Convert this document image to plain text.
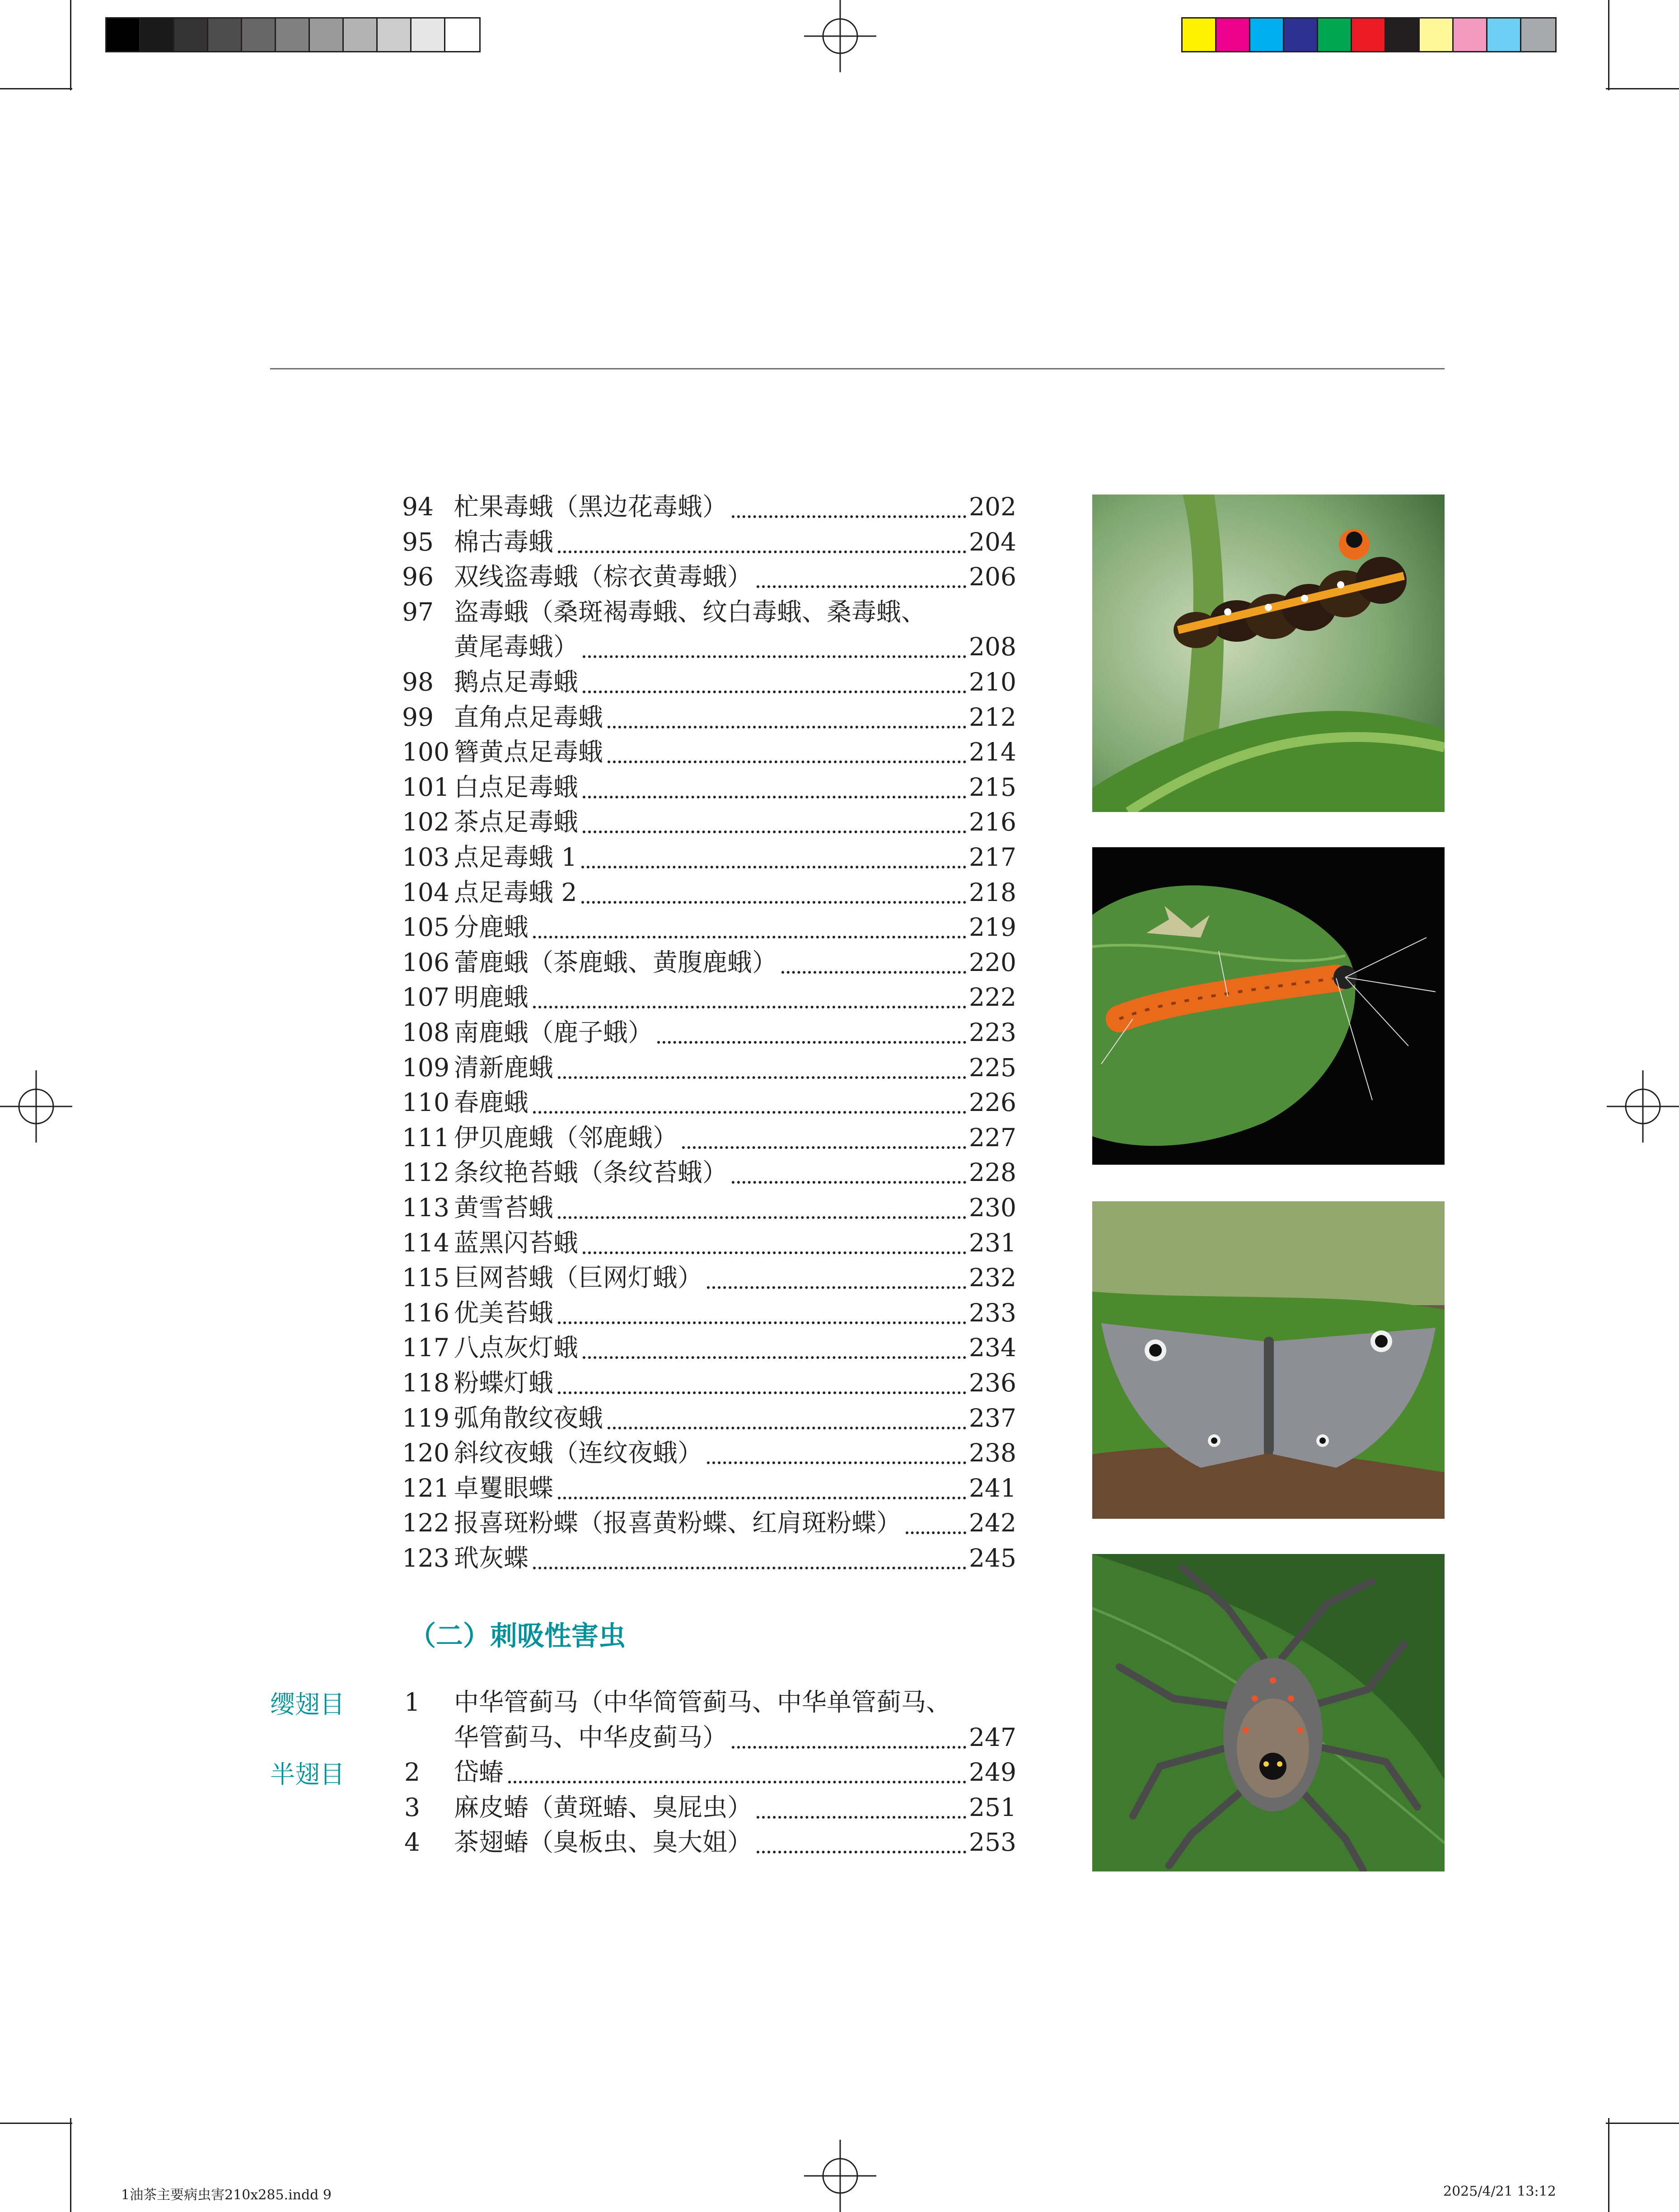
94 杧果毒蛾（黑边花毒蛾）	202
95 棉古毒蛾	204
96 双线盗毒蛾（棕衣黄毒蛾）	206
97 盗毒蛾（桑斑褐毒蛾、纹白毒蛾、桑毒蛾、
黄尾毒蛾）	208
98 鹅点足毒蛾	210
99 直角点足毒蛾	212
100 簪黄点足毒蛾	214
101 白点足毒蛾	215
102 茶点足毒蛾	216
103 点足毒蛾 1	217
104 点足毒蛾 2	218
105 分鹿蛾	219
106 蕾鹿蛾（茶鹿蛾、黄腹鹿蛾）	220
107 明鹿蛾	222
108 南鹿蛾（鹿子蛾）	223
109 清新鹿蛾	225
110 春鹿蛾	226
111 伊贝鹿蛾（邻鹿蛾）	227
112 条纹艳苔蛾（条纹苔蛾）	228
113 黄雪苔蛾	230
114 蓝黑闪苔蛾	231
115 巨网苔蛾（巨网灯蛾）	232
116 优美苔蛾	233
117 八点灰灯蛾	234
118 粉蝶灯蛾	236
119 弧角散纹夜蛾	237
120 斜纹夜蛾（连纹夜蛾）	238
121 卓矍眼蝶	241
122 报喜斑粉蝶（报喜黄粉蝶、红肩斑粉蝶）	242
123 玳灰蝶	245
（二）刺吸性害虫
缨翅目
半翅目
1 中华管蓟马（中华简管蓟马、中华单管蓟马、
华管蓟马、中华皮蓟马）	247
2 岱蝽	249
3 麻皮蝽（黄斑蝽、臭屁虫）	251
4 茶翅蝽（臭板虫、臭大姐）	253
1油茶主要病虫害210x285.indd 9	2025/4/21 13:12
